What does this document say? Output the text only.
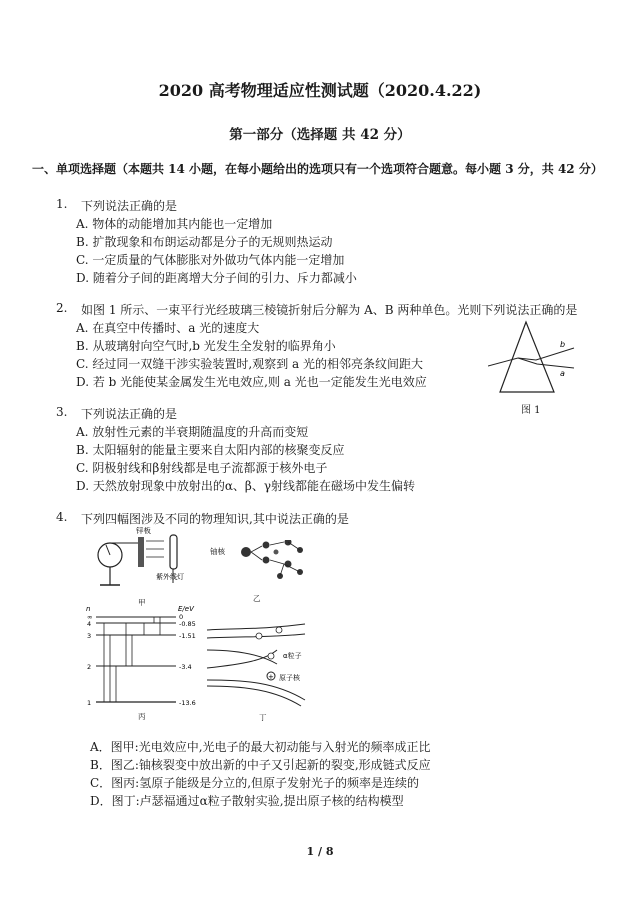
2020 高考物理适应性测试题（2020.4.22)
第一部分（选择题 共 42 分）
一、单项选择题（本题共 14 小题，在每小题给出的选项只有一个选项符合题意。每小题 3 分，共 42 分）
1. 下列说法正确的是
A. 物体的动能增加其内能也一定增加
B. 扩散现象和布朗运动都是分子的无规则热运动
C. 一定质量的气体膨胀对外做功气体内能一定增加
D. 随着分子间的距离增大分子间的引力、斥力都减小
2. 如图 1 所示、一束平行光经玻璃三棱镜折射后分解为 A、B 两种单色。光则下列说法正确的是
A. 在真空中传播时、a 光的速度大
B. 从玻璃射向空气时,b 光发生全发射的临界角小
C. 经过同一双缝干涉实验装置时,观察到 a 光的相邻亮条纹间距大
D. 若 b 光能使某金属发生光电效应,则 a 光也一定能发生光电效应
b
a
图 1
3. 下列说法正确的是
A. 放射性元素的半衰期随温度的升高而变短
B. 太阳辐射的能量主要来自太阳内部的核聚变反应
C. 阴极射线和β射线都是电子流都源于核外电子
D. 天然放射现象中放射出的α、β、γ射线都能在磁场中发生偏转
4. 下列四幅图涉及不同的物理知识,其中说法正确的是
锌板
紫外线灯
甲
铀核
乙
n	E/eV
∞
4
3
2
1
0
-0.85
-1.51
-3.4
-13.6
丙
+
α粒子
原子核
丁
A．图甲:光电效应中,光电子的最大初动能与入射光的频率成正比
B．图乙:铀核裂变中放出新的中子又引起新的裂变,形成链式反应
C．图丙:氢原子能级是分立的,但原子发射光子的频率是连续的
D．图丁:卢瑟福通过α粒子散射实验,提出原子核的结构模型
1 / 8
